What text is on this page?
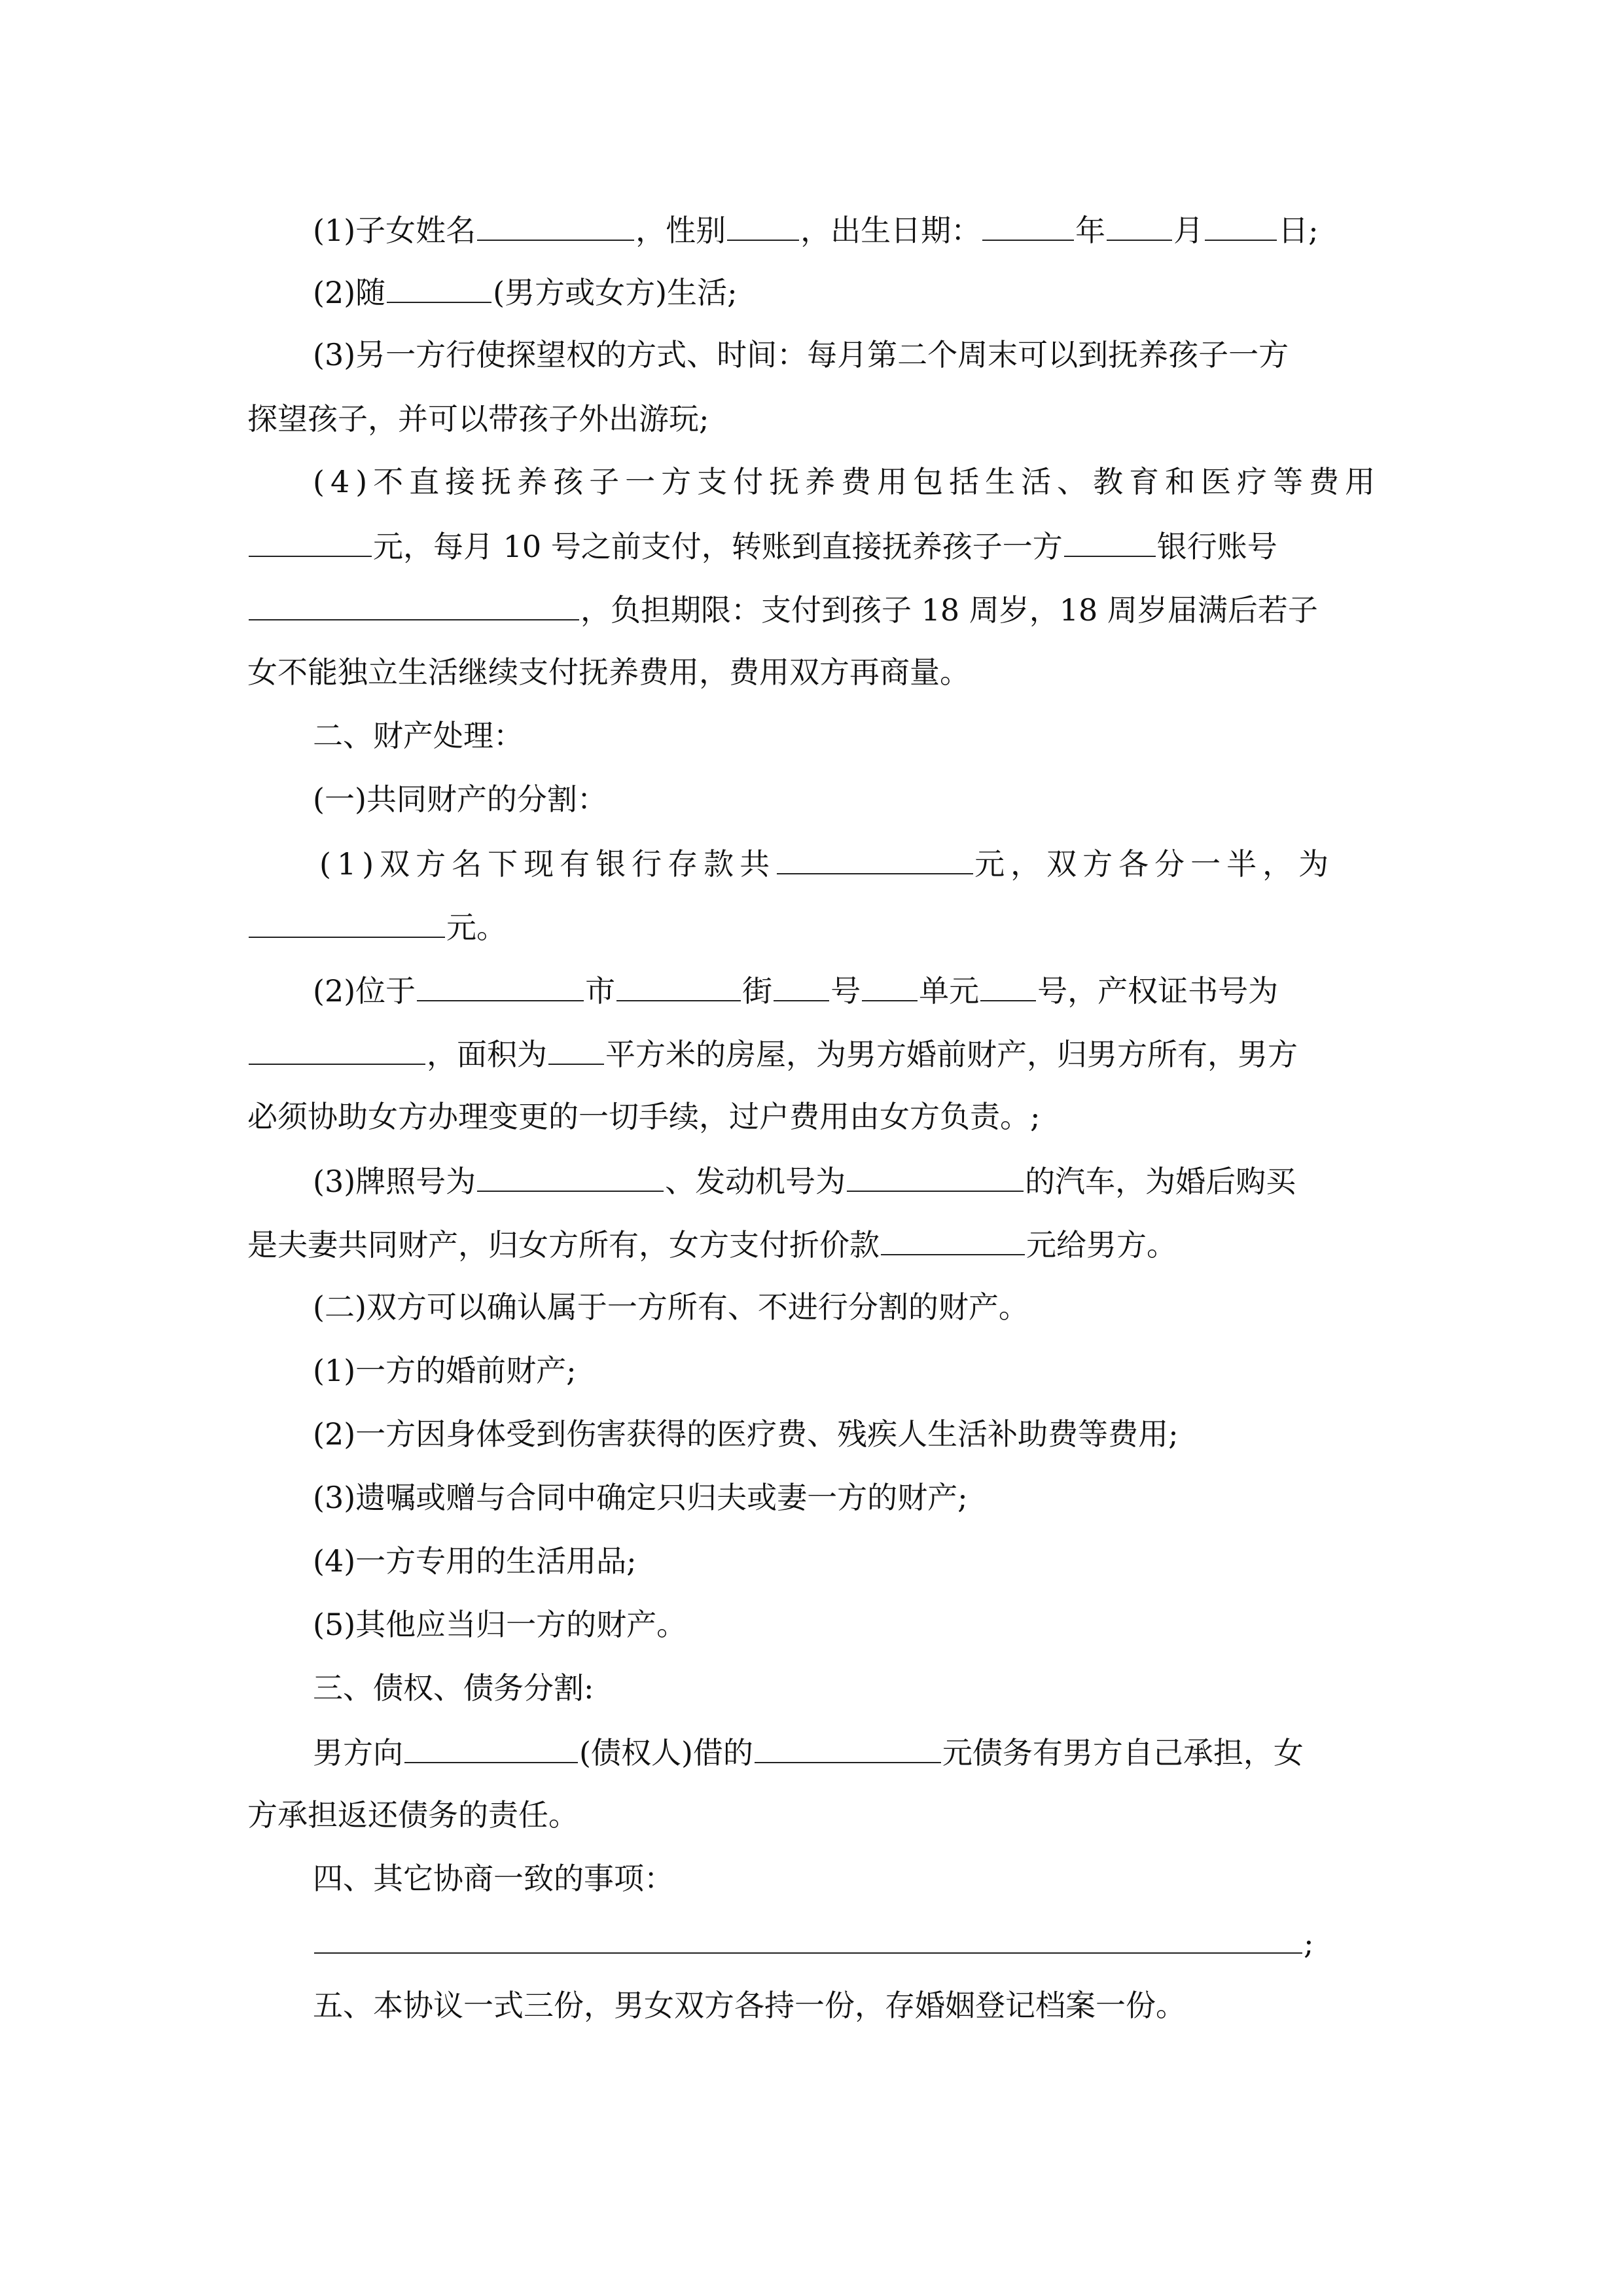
(1)子女姓名	，性别 ，出生日期：	年 月 日;
(2)随	(男方或女方)生活;
(3)另一方行使探望权的方式、时间：每月第二个周末可以到抚养孩子一方
探望孩子，并可以带孩子外出游玩;
(4)不直接抚养孩子一方支付抚养费用包括生活、教育和医疗等费用
元，每月 10 号之前支付，转账到直接抚养孩子一方	银行账号
，负担期限：支付到孩子 18 周岁，18 周岁届满后若子
女不能独立生活继续支付抚养费用，费用双方再商量。
二、财产处理：
(一)共同财产的分割：
(1)双方名下现有银行存款共	元，双方各分一半，为
元。
(2)位于	市	街 号 单元 号，产权证书号为
，面积为 平方米的房屋，为男方婚前财产，归男方所有，男方
必须协助女方办理变更的一切手续，过户费用由女方负责。;
(3)牌照号为	、发动机号为	的汽车，为婚后购买
是夫妻共同财产，归女方所有，女方支付折价款	元给男方。
(二)双方可以确认属于一方所有、不进行分割的财产。
(1)一方的婚前财产;
(2)一方因身体受到伤害获得的医疗费、残疾人生活补助费等费用;
(3)遗嘱或赠与合同中确定只归夫或妻一方的财产;
(4)一方专用的生活用品;
(5)其他应当归一方的财产。
三、债权、债务分割:
男方向	(债权人)借的	元债务有男方自己承担，女
方承担返还债务的责任。
四、其它协商一致的事项：
;
五、本协议一式三份，男女双方各持一份，存婚姻登记档案一份。
